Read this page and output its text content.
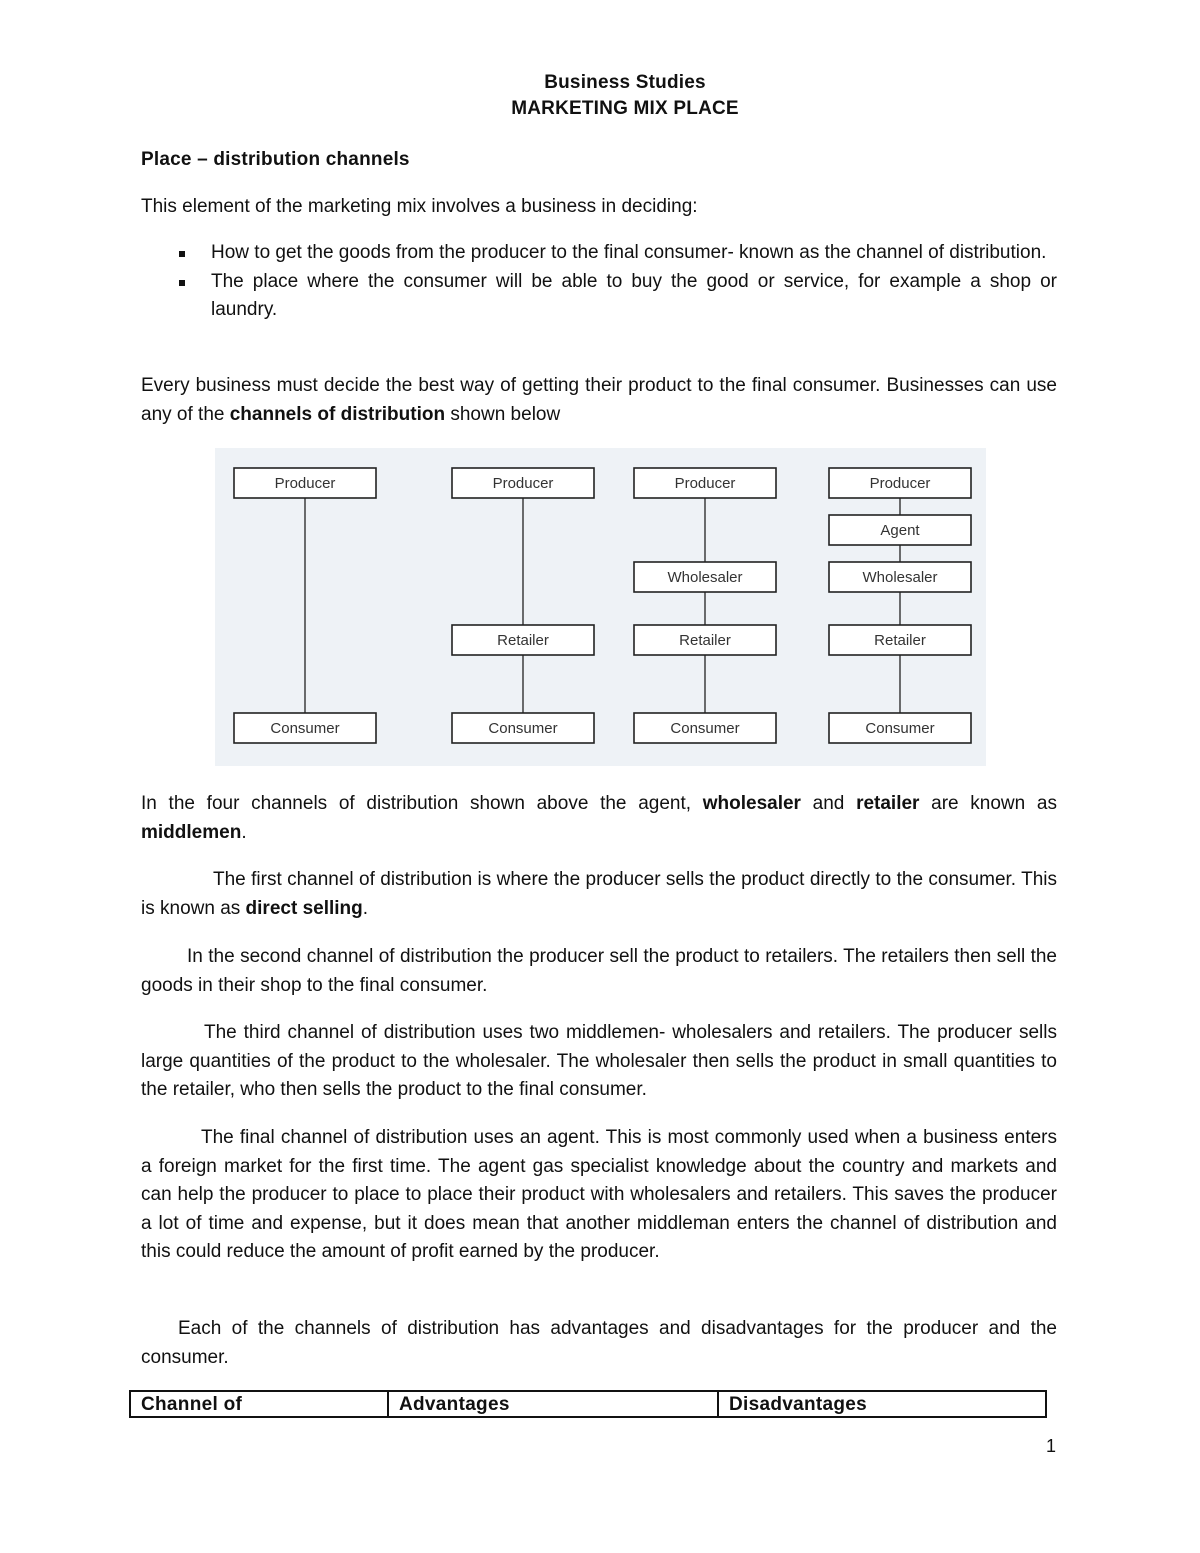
Business Studies
MARKETING MIX PLACE
Place – distribution channels
This element of the marketing mix involves a business in deciding:
How to get the goods from the producer to the final consumer- known as the channel of distribution.
The place where the consumer will be able to buy the good or service, for example a shop or laundry.
Every business must decide the best way of getting their product to the final consumer. Businesses can use any of the channels of distribution shown below
Producer
Consumer
Producer
Retailer
Consumer
Producer
Wholesaler
Retailer
Consumer
Producer
Agent
Wholesaler
Retailer
Consumer
In the four channels of distribution shown above the agent, wholesaler and retailer are known as middlemen.
The first channel of distribution is where the producer sells the product directly to the consumer. This is known as direct selling.
In the second channel of distribution the producer sell the product to retailers. The retailers then sell the goods in their shop to the final consumer.
The third channel of distribution uses two middlemen- wholesalers and retailers. The producer sells large quantities of the product to the wholesaler. The wholesaler then sells the product in small quantities to the retailer, who then sells the product to the final consumer.
The final channel of distribution uses an agent. This is most commonly used when a business enters a foreign market for the first time. The agent gas specialist knowledge about the country and markets and can help the producer to place to place their product with wholesalers and retailers. This saves the producer a lot of time and expense, but it does mean that another middleman enters the channel of distribution and this could reduce the amount of profit earned by the producer.
Each of the channels of distribution has advantages and disadvantages for the producer and the consumer.
Channel of	Advantages	Disadvantages
1
